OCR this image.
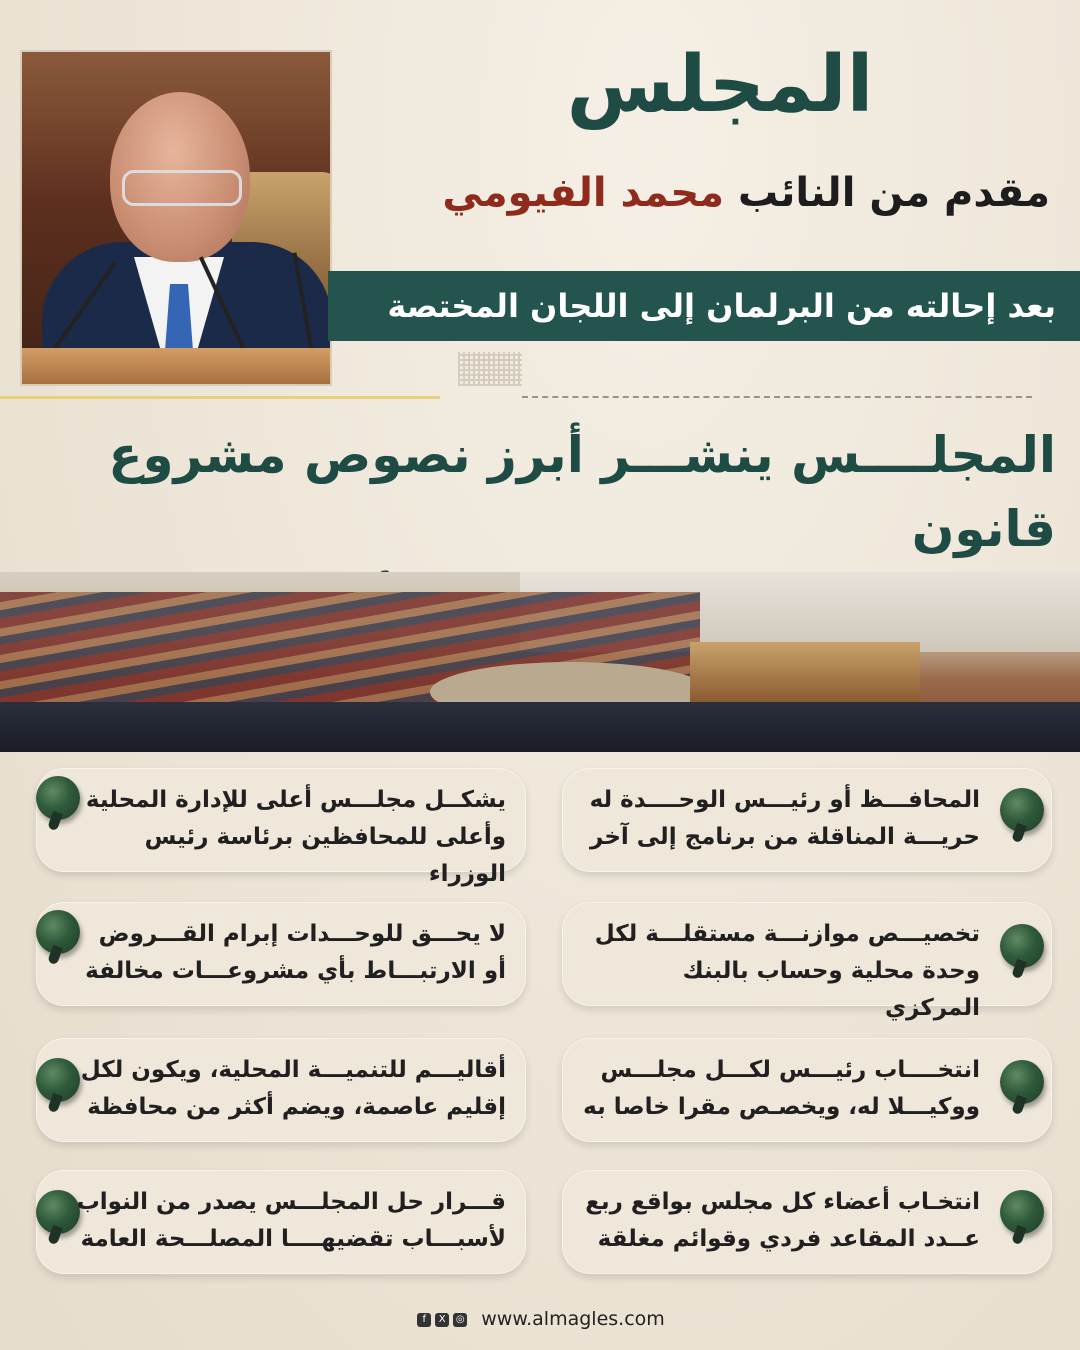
المجلس
مقدم من النائب محمد الفيومي
بعد إحالته من البرلمان إلى اللجان المختصة
المجلــــس ينشـــر أبرز نصوص مشروع قانون
المحافـــظ أو رئيـــس الوحــــدة له
حريـــة المناقلة من برنامج إلى آخر
يشكــل مجلـــس أعلى للإدارة المحلية
وأعلى للمحافظين برئاسة رئيس الوزراء
تخصيـــص موازنـــة مستقلـــة لكل
وحدة محلية وحساب بالبنك المركزي
لا يحـــق للوحـــدات إبرام القـــروض
أو الارتبـــاط بأي مشروعـــات مخالفة
انتخــــاب رئيـــس لكـــل مجلـــس
ووكيـــلا له، ويخصـص مقرا خاصا به
أقاليـــم للتنميـــة المحلية، ويكون لكل
إقليم عاصمة، ويضم أكثر من محافظة
انتخـاب أعضاء كل مجلس بواقع ربع
عــدد المقاعد فردي وقوائم مغلقة
قـــرار حل المجلـــس يصدر من النواب
لأسبـــاب تقضيهــــا المصلـــحة العامة
f X ◎ www.almagles.com
